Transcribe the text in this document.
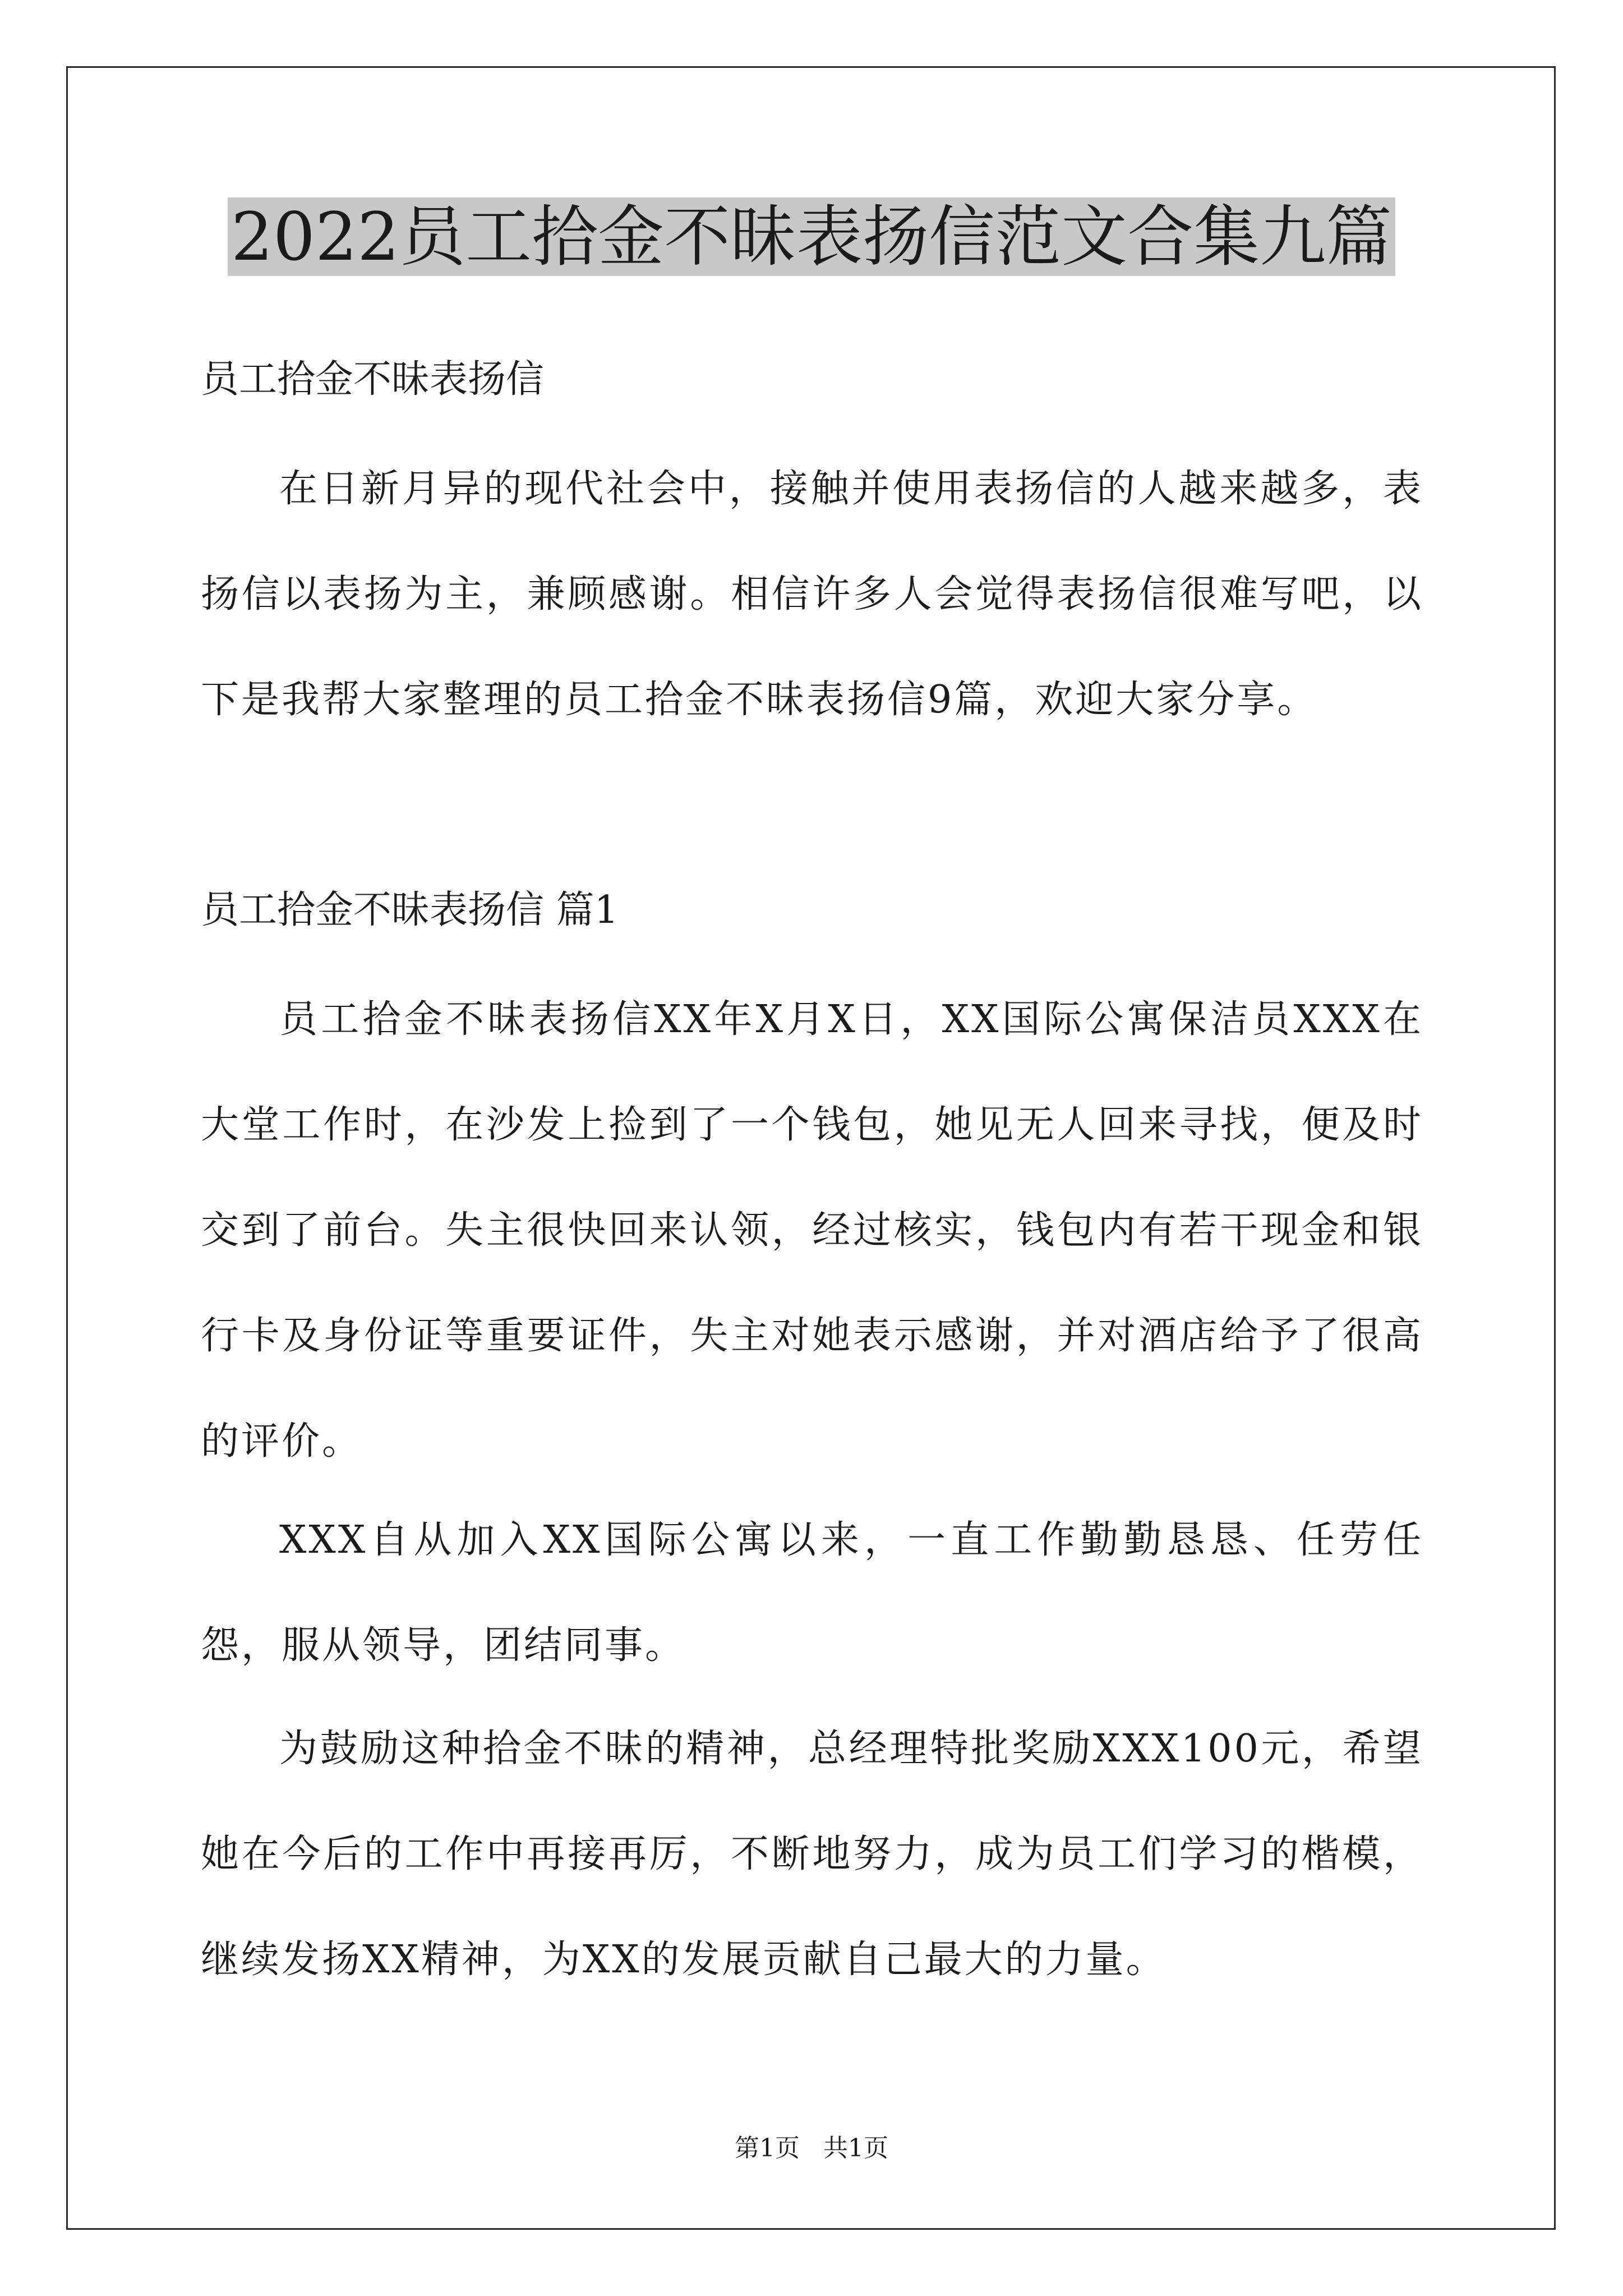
2022员工拾金不昧表扬信范文合集九篇
员工拾金不昧表扬信
在日新月异的现代社会中，接触并使用表扬信的人越来越多，表扬信以表扬为主，兼顾感谢。相信许多人会觉得表扬信很难写吧，以下是我帮大家整理的员工拾金不昧表扬信9篇，欢迎大家分享。
员工拾金不昧表扬信 篇1
员工拾金不昧表扬信XX年X月X日，XX国际公寓保洁员XXX在大堂工作时，在沙发上捡到了一个钱包，她见无人回来寻找，便及时交到了前台。失主很快回来认领，经过核实，钱包内有若干现金和银行卡及身份证等重要证件，失主对她表示感谢，并对酒店给予了很高的评价。
XXX自从加入XX国际公寓以来，一直工作勤勤恳恳、任劳任怨，服从领导，团结同事。
为鼓励这种拾金不昧的精神，总经理特批奖励XXX100元，希望她在今后的工作中再接再厉，不断地努力，成为员工们学习的楷模，继续发扬XX精神，为XX的发展贡献自己最大的力量。
第1页   共1页
